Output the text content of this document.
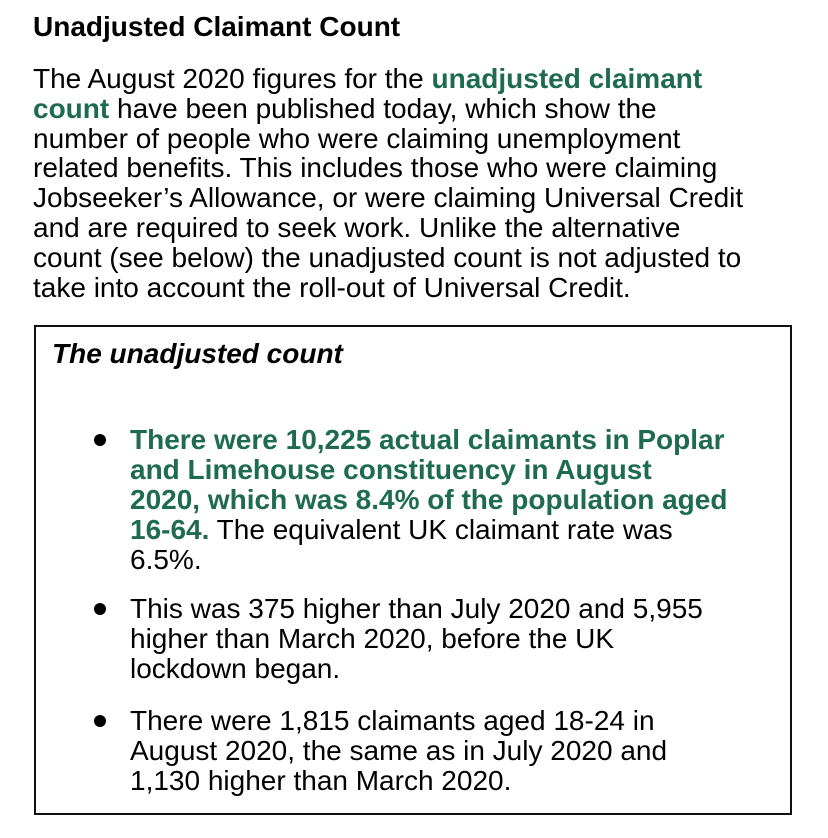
Unadjusted Claimant Count

The August 2020 figures for the unadjusted claimant
count have been published today, which show the
number of people who were claiming unemployment
related benefits. This includes those who were claiming
Jobseeker’s Allowance, or were claiming Universal Credit
and are required to seek work. Unlike the alternative
count (see below) the unadjusted count is not adjusted to
take into account the roll-out of Universal Credit.

The unadjusted count

There were 10,225 actual claimants in Poplar
and Limehouse constituency in August
2020, which was 8.4% of the population aged
16-64. The equivalent UK claimant rate was
6.5%.

This was 375 higher than July 2020 and 5,955
higher than March 2020, before the UK
lockdown began.

There were 1,815 claimants aged 18-24 in
August 2020, the same as in July 2020 and
1,130 higher than March 2020.
